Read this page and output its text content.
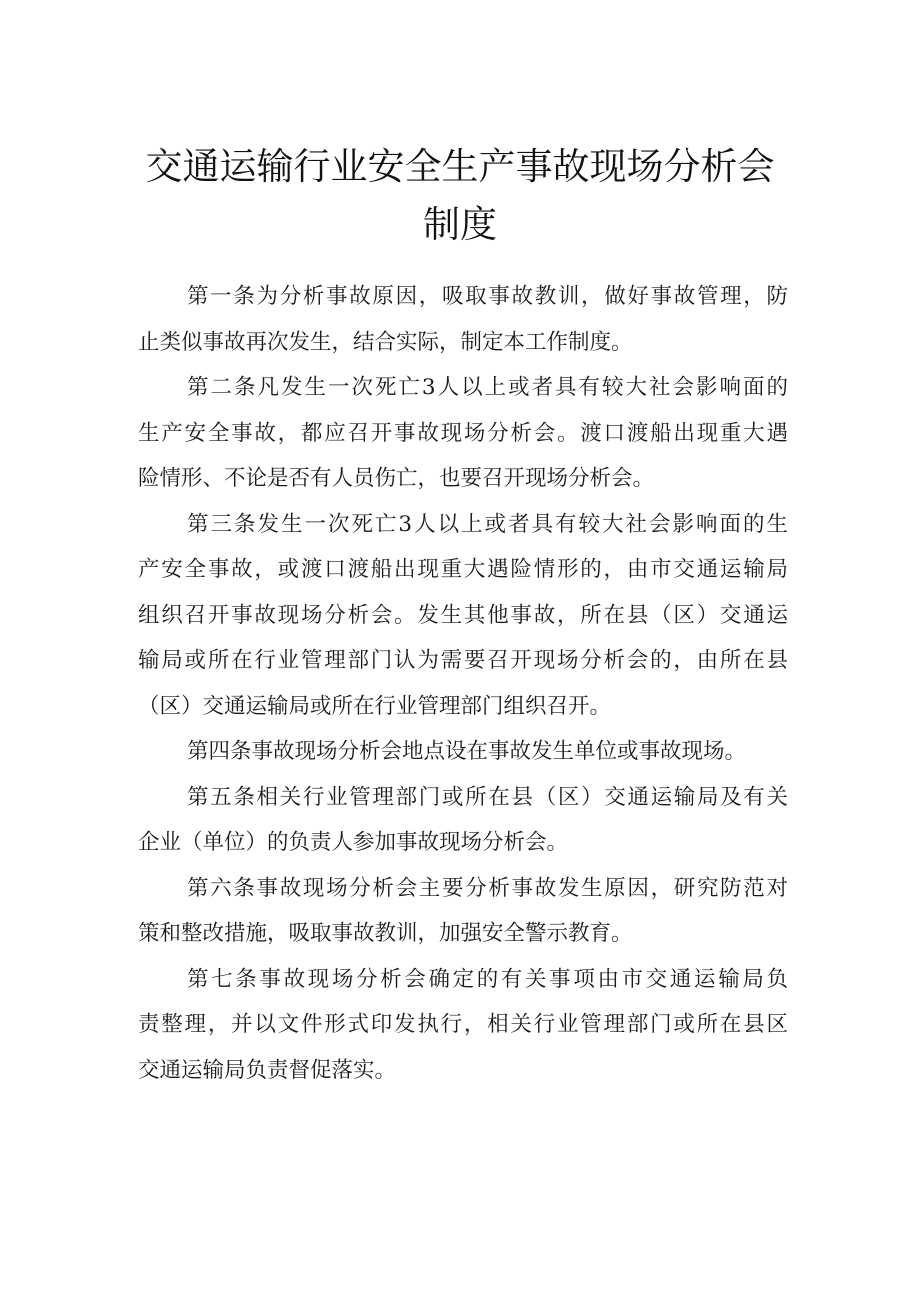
交通运输行业安全生产事故现场分析会
制度

第一条为分析事故原因，吸取事故教训，做好事故管理，防
止类似事故再次发生，结合实际，制定本工作制度。

第二条凡发生一次死亡3人以上或者具有较大社会影响面的
生产安全事故，都应召开事故现场分析会。渡口渡船出现重大遇
险情形、不论是否有人员伤亡，也要召开现场分析会。

第三条发生一次死亡3人以上或者具有较大社会影响面的生
产安全事故，或渡口渡船出现重大遇险情形的，由市交通运输局
组织召开事故现场分析会。发生其他事故，所在县（区）交通运
输局或所在行业管理部门认为需要召开现场分析会的，由所在县
（区）交通运输局或所在行业管理部门组织召开。

第四条事故现场分析会地点设在事故发生单位或事故现场。

第五条相关行业管理部门或所在县（区）交通运输局及有关
企业（单位）的负责人参加事故现场分析会。

第六条事故现场分析会主要分析事故发生原因，研究防范对
策和整改措施，吸取事故教训，加强安全警示教育。

第七条事故现场分析会确定的有关事项由市交通运输局负
责整理，并以文件形式印发执行，相关行业管理部门或所在县区
交通运输局负责督促落实。
